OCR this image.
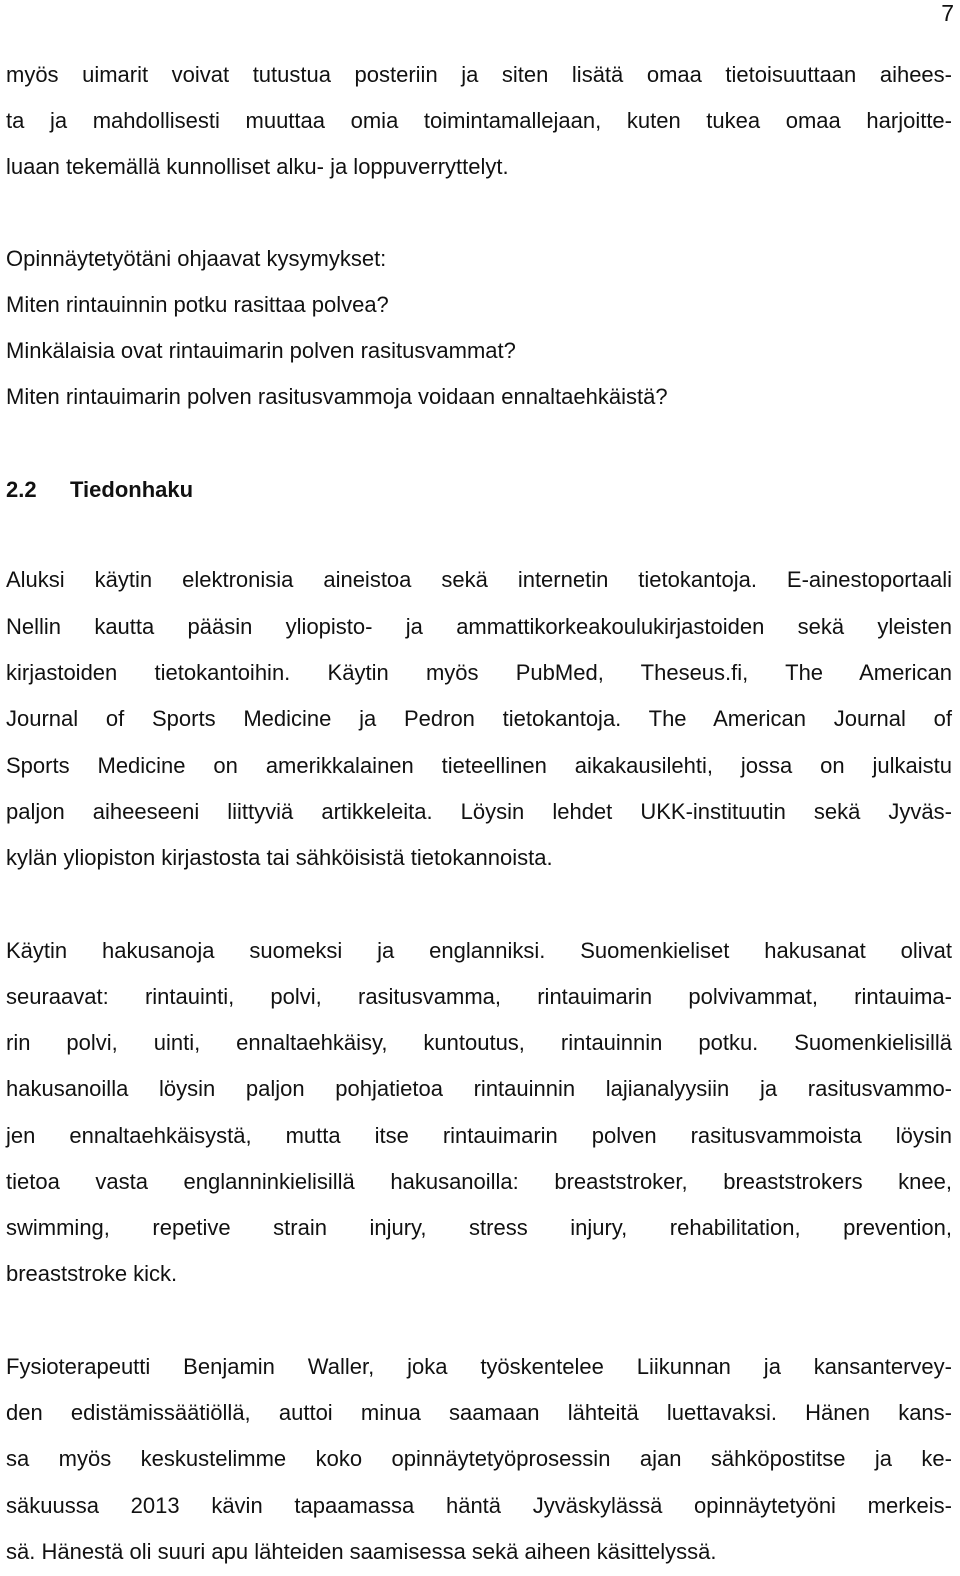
7
myös uimarit voivat tutustua posteriin ja siten lisätä omaa tietoisuuttaan aihees-
ta ja mahdollisesti muuttaa omia toimintamallejaan, kuten tukea omaa harjoitte-
luaan tekemällä kunnolliset alku- ja loppuverryttelyt.
Opinnäytetyötäni ohjaavat kysymykset:
Miten rintauinnin potku rasittaa polvea?
Minkälaisia ovat rintauimarin polven rasitusvammat?
Miten rintauimarin polven rasitusvammoja voidaan ennaltaehkäistä?
2.2 Tiedonhaku
Aluksi käytin elektronisia aineistoa sekä internetin tietokantoja. E-ainestoportaali
Nellin kautta pääsin yliopisto- ja ammattikorkeakoulukirjastoiden sekä yleisten
kirjastoiden tietokantoihin. Käytin myös PubMed, Theseus.fi, The American
Journal of Sports Medicine ja Pedron tietokantoja. The American Journal of
Sports Medicine on amerikkalainen tieteellinen aikakausilehti, jossa on julkaistu
paljon aiheeseeni liittyviä artikkeleita. Löysin lehdet UKK-instituutin sekä Jyväs-
kylän yliopiston kirjastosta tai sähköisistä tietokannoista.
Käytin hakusanoja suomeksi ja englanniksi. Suomenkieliset hakusanat olivat
seuraavat: rintauinti, polvi, rasitusvamma, rintauimarin polvivammat, rintauima-
rin polvi, uinti, ennaltaehkäisy, kuntoutus, rintauinnin potku. Suomenkielisillä
hakusanoilla löysin paljon pohjatietoa rintauinnin lajianalyysiin ja rasitusvammo-
jen ennaltaehkäisystä, mutta itse rintauimarin polven rasitusvammoista löysin
tietoa vasta englanninkielisillä hakusanoilla: breaststroker, breaststrokers knee,
swimming, repetive strain injury, stress injury, rehabilitation, prevention,
breaststroke kick.
Fysioterapeutti Benjamin Waller, joka työskentelee Liikunnan ja kansantervey-
den edistämissäätiöllä, auttoi minua saamaan lähteitä luettavaksi. Hänen kans-
sa myös keskustelimme koko opinnäytetyöprosessin ajan sähköpostitse ja ke-
säkuussa 2013 kävin tapaamassa häntä Jyväskylässä opinnäytetyöni merkeis-
sä. Hänestä oli suuri apu lähteiden saamisessa sekä aiheen käsittelyssä.
